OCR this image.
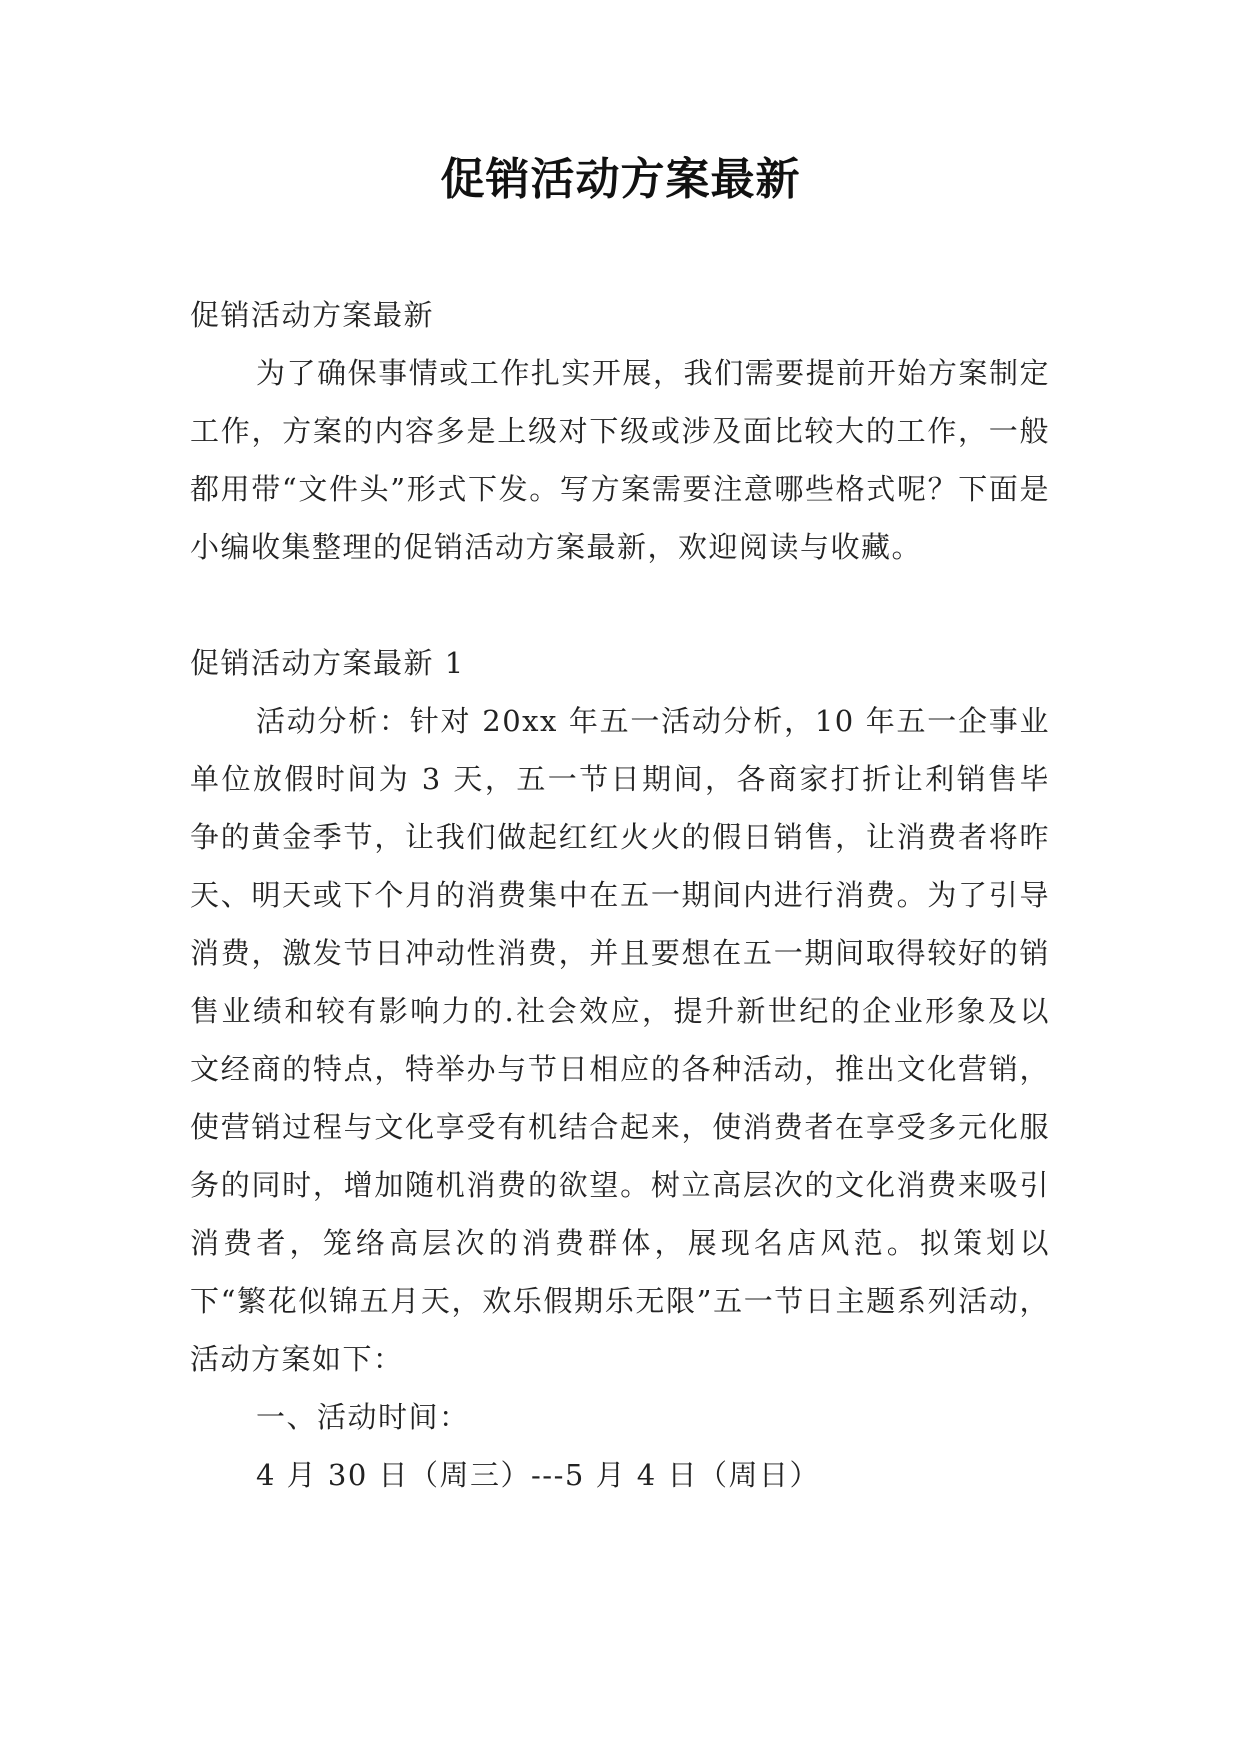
促销活动方案最新

促销活动方案最新

为了确保事情或工作扎实开展，我们需要提前开始方案制定工作，方案的内容多是上级对下级或涉及面比较大的工作，一般都用带“文件头”形式下发。写方案需要注意哪些格式呢？下面是小编收集整理的促销活动方案最新，欢迎阅读与收藏。

促销活动方案最新 1

活动分析：针对 20xx 年五一活动分析，10 年五一企事业单位放假时间为 3 天，五一节日期间，各商家打折让利销售毕争的黄金季节，让我们做起红红火火的假日销售，让消费者将昨天、明天或下个月的消费集中在五一期间内进行消费。为了引导消费，激发节日冲动性消费，并且要想在五一期间取得较好的销售业绩和较有影响力的.社会效应，提升新世纪的企业形象及以文经商的特点，特举办与节日相应的各种活动，推出文化营销，使营销过程与文化享受有机结合起来，使消费者在享受多元化服务的同时，增加随机消费的欲望。树立高层次的文化消费来吸引消费者，笼络高层次的消费群体，展现名店风范。拟策划以下“繁花似锦五月天，欢乐假期乐无限”五一节日主题系列活动，活动方案如下：

一、活动时间：

4 月 30 日（周三）---5 月 4 日（周日）
